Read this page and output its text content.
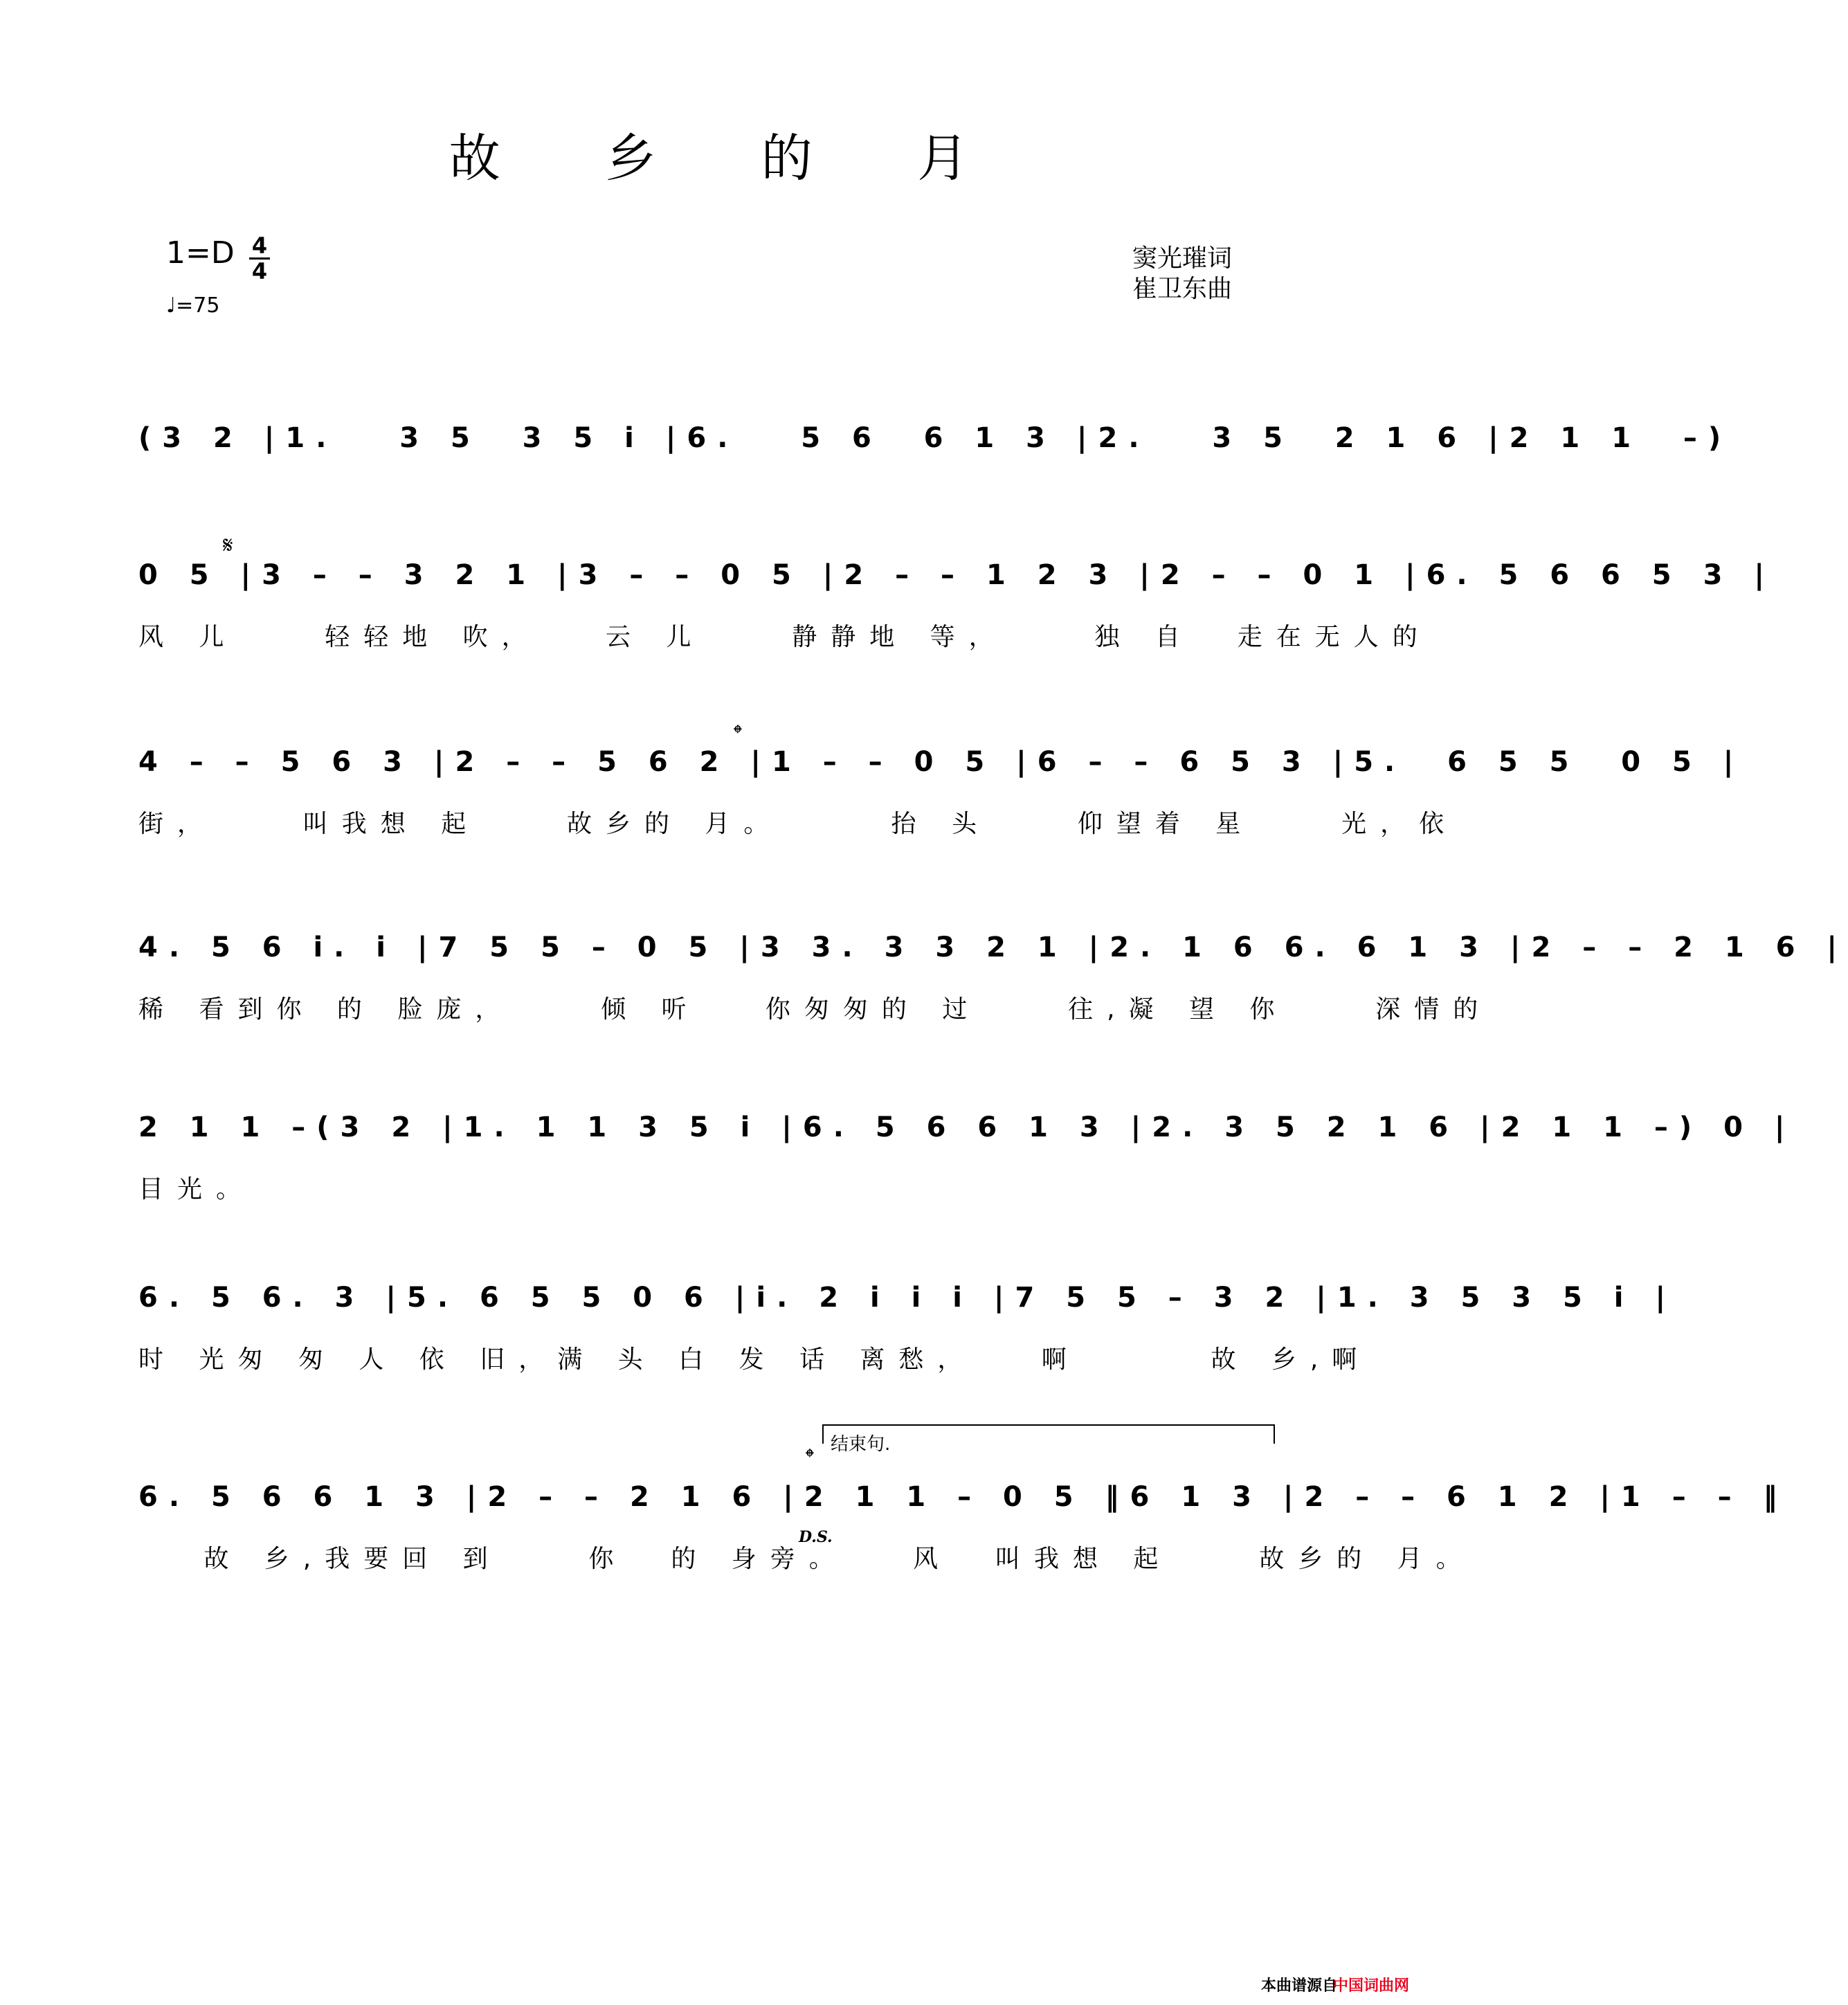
故 乡 的 月
1=D 4
4
♩=75
窦光璀词
崔卫东曲
𝄋
𝄌
𝄌
(3 2 |1.   3 5  3 5 i |6.   5 6  6 1 3 |2.   3 5  2 1 6 |2 1 1  –)
0 5 |3 – – 3 2 1 |3 – – 0 5 |2 – – 1 2 3 |2 – – 0 1 |6. 5 6 6 5 3 |
风 儿    轻轻地 吹，   云 儿    静静地 等，    独 自  走在无人的
4 – – 5 6 3 |2 – – 5 6 2 |1 – – 0 5 |6 – – 6 5 3 |5.  6 5 5  0 5 |
街，    叫我想 起    故乡的 月。     抬 头    仰望着 星    光，依
4. 5 6 i. i |7 5 5 – 0 5 |3 3. 3 3 2 1 |2. 1 6 6. 6 1 3 |2 – – 2 1 6 |
稀 看到你 的 脸庞，    倾 听   你匆匆的 过    往,凝 望 你    深情的
2 1 1 –(3 2 |1. 1 1 3 5 i |6. 5 6 6 1 3 |2. 3 5 2 1 6 |2 1 1 –) 0 |
目光。
6. 5 6. 3 |5. 6 5 5 0 6 |i. 2 i i i |7 5 5 – 3 2 |1. 3 5 3 5 i |
时 光匆 匆 人 依 旧，满 头 白 发 话 离愁，   啊      故 乡,啊
结束句.
6. 5 6 6 1 3 |2 – – 2 1 6 |2 1 1 – 0 5 ‖6 1 3 |2 – – 6 1 2 |1 – – ‖
故 乡,我要回 到    你  的 身旁。   风  叫我想 起    故乡的 月。
D.S.
本曲谱源自
中国词曲网
